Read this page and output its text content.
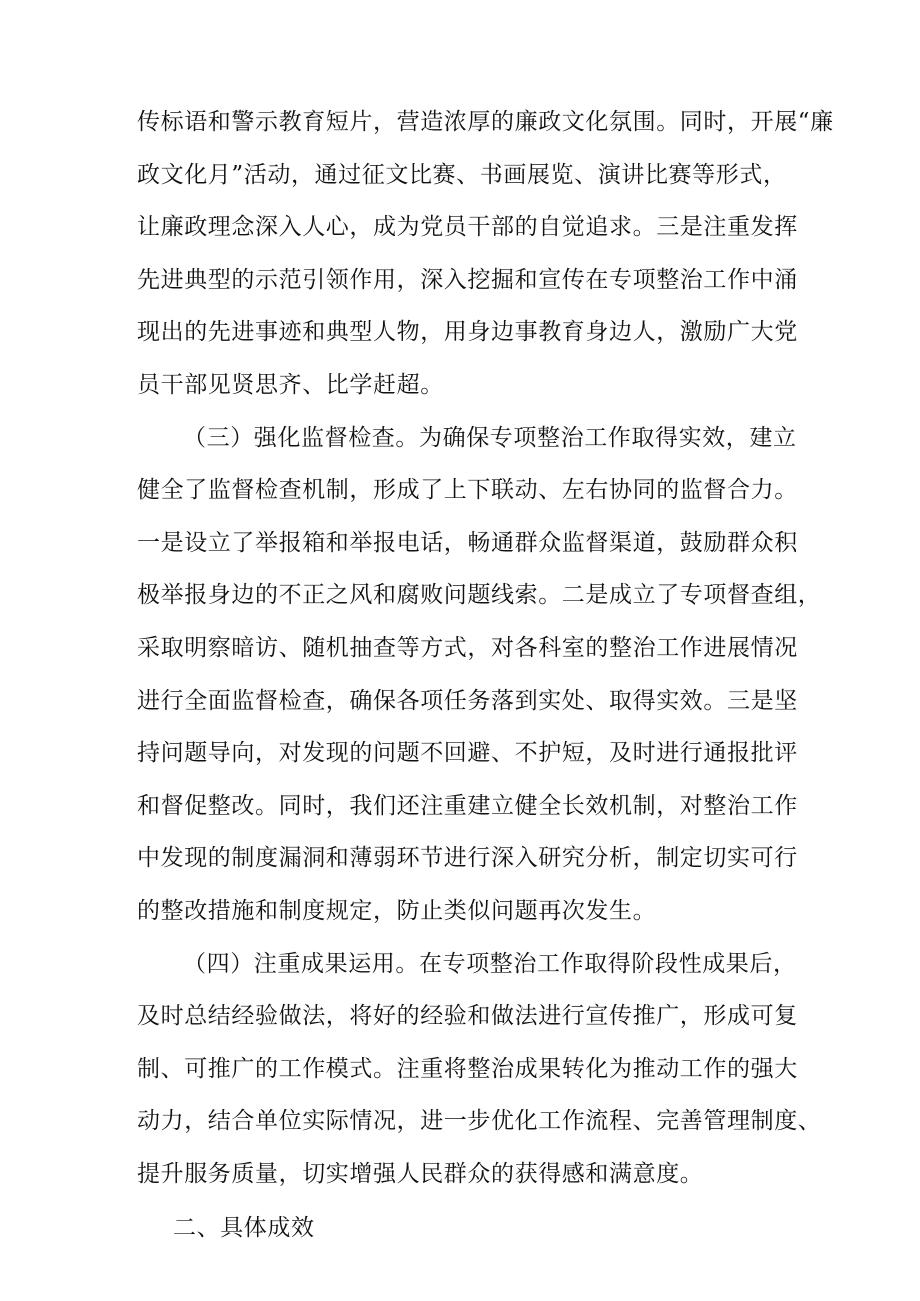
传标语和警示教育短片，营造浓厚的廉政文化氛围。同时，开展“廉
政文化月”活动，通过征文比赛、书画展览、演讲比赛等形式，
让廉政理念深入人心，成为党员干部的自觉追求。三是注重发挥
先进典型的示范引领作用，深入挖掘和宣传在专项整治工作中涌
现出的先进事迹和典型人物，用身边事教育身边人，激励广大党
员干部见贤思齐、比学赶超。
（三）强化监督检查。为确保专项整治工作取得实效，建立
健全了监督检查机制，形成了上下联动、左右协同的监督合力。
一是设立了举报箱和举报电话，畅通群众监督渠道，鼓励群众积
极举报身边的不正之风和腐败问题线索。二是成立了专项督查组，
采取明察暗访、随机抽查等方式，对各科室的整治工作进展情况
进行全面监督检查，确保各项任务落到实处、取得实效。三是坚
持问题导向，对发现的问题不回避、不护短，及时进行通报批评
和督促整改。同时，我们还注重建立健全长效机制，对整治工作
中发现的制度漏洞和薄弱环节进行深入研究分析，制定切实可行
的整改措施和制度规定，防止类似问题再次发生。
（四）注重成果运用。在专项整治工作取得阶段性成果后，
及时总结经验做法，将好的经验和做法进行宣传推广，形成可复
制、可推广的工作模式。注重将整治成果转化为推动工作的强大
动力，结合单位实际情况，进一步优化工作流程、完善管理制度、
提升服务质量，切实增强人民群众的获得感和满意度。
二、具体成效
